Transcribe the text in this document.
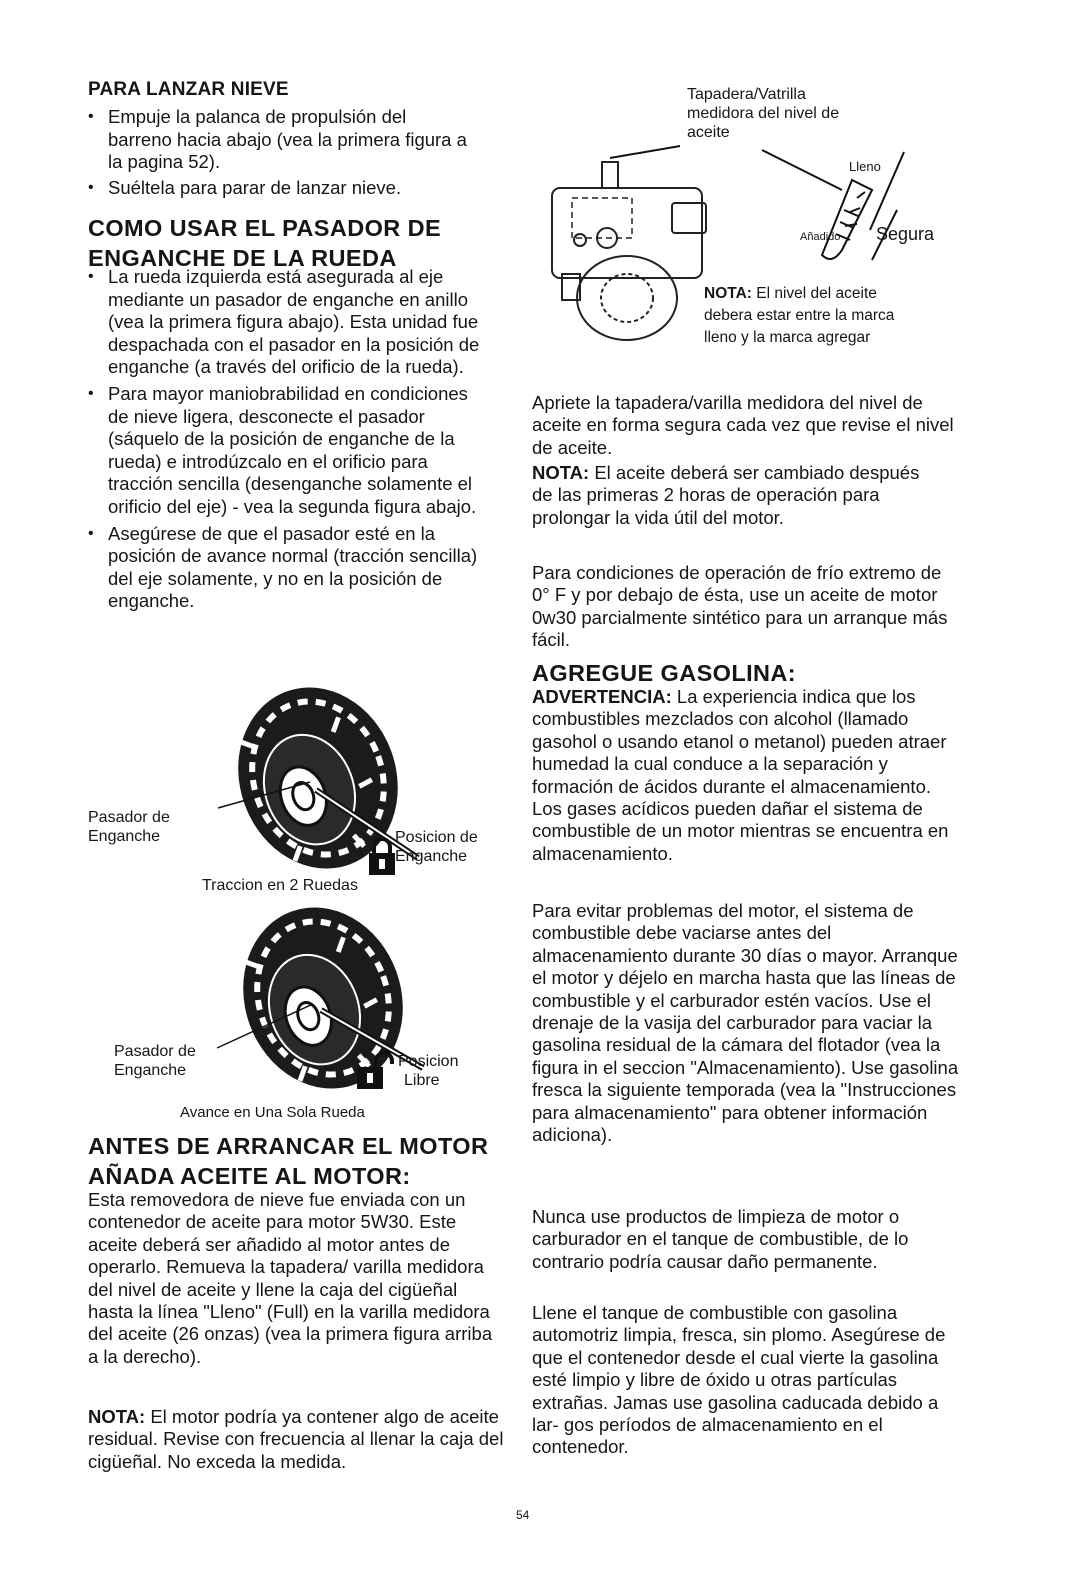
PARA LANZAR NIEVE
• Empuje la palanca de propulsión del barreno hacia abajo (vea la primera figura a la pagina 52).
• Suéltela para parar de lanzar nieve.
COMO USAR EL PASADOR DE ENGANCHE DE LA RUEDA
• La rueda izquierda está asegurada al eje mediante un pasador de enganche en anillo (vea la primera figura abajo). Esta unidad fue despachada con el pasador en la posición de enganche (a través del orificio de la rueda).
• Para mayor maniobrabilidad en condiciones de nieve ligera, desconecte el pasador (sáquelo de la posición de enganche de la rueda) e introdúzcalo en el orificio para tracción sencilla (desenganche solamente el orificio del eje) - vea la segunda figura abajo.
• Asegúrese de que el pasador esté en la posición de avance normal (tracción sencilla) del eje solamente, y no en la posición de enganche.
Pasador de
Enganche	Posicion de
Enganche
Traccion en 2 Ruedas
Pasador de
Enganche
Posicion
Libre
Avance en Una Sola Rueda
ANTES DE ARRANCAR EL MOTOR AÑADA ACEITE AL MOTOR:

Esta removedora de nieve fue enviada con un contenedor de aceite para motor 5W30. Este aceite deberá ser añadido al motor antes de operarlo. Remueva la tapadera/ varilla medidora del nivel de aceite y llene la caja del cigüeñal hasta la línea "Lleno" (Full) en la varilla medidora del aceite (26 onzas) (vea la primera figura arriba a la derecho).

NOTA: El motor podría ya contener algo de aceite residual. Revise con frecuencia al llenar la caja del cigüeñal. No exceda la medida.

Tapadera/Vatrilla
medidora del nivel de
aceite
Lleno
Añadido Segura

NOTA: El nivel del aceite debera estar entre la marca lleno y la marca agregar

Apriete la tapadera/varilla medidora del nivel de aceite en forma segura cada vez que revise el nivel de aceite.

NOTA: El aceite deberá ser cambiado después de las primeras 2 horas de operación para prolongar la vida útil del motor.

Para condiciones de operación de frío extremo de 0° F y por debajo de ésta, use un aceite de motor 0w30 parcialmente sintético para un arranque más fácil.

AGREGUE GASOLINA:

ADVERTENCIA: La experiencia indica que los combustibles mezclados con alcohol (llamado gasohol o usando etanol o metanol) pueden atraer humedad la cual conduce a la separación y formación de ácidos durante el almacenamiento. Los gases acídicos pueden dañar el sistema de combustible de un motor mientras se encuentra en almacenamiento.

Para evitar problemas del motor, el sistema de combustible debe vaciarse antes del almacenamiento durante 30 días o mayor. Arranque el motor y déjelo en marcha hasta que las líneas de combustible y el carburador estén vacíos. Use el drenaje de la vasija del carburador para vaciar la gasolina residual de la cámara del flotador (vea la figura in el seccion "Almacenamiento). Use gasolina fresca la siguiente temporada (vea la "Instrucciones para almacenamiento" para obtener información adiciona).

Nunca use productos de limpieza de motor o carburador en el tanque de combustible, de lo contrario podría causar daño permanente.

Llene el tanque de combustible con gasolina automotriz limpia, fresca, sin plomo. Asegúrese de que el contenedor desde el cual vierte la gasolina esté limpio y libre de óxido u otras partículas extrañas. Jamas use gasolina caducada debido a lar- gos períodos de almacenamiento en el contenedor.

54
